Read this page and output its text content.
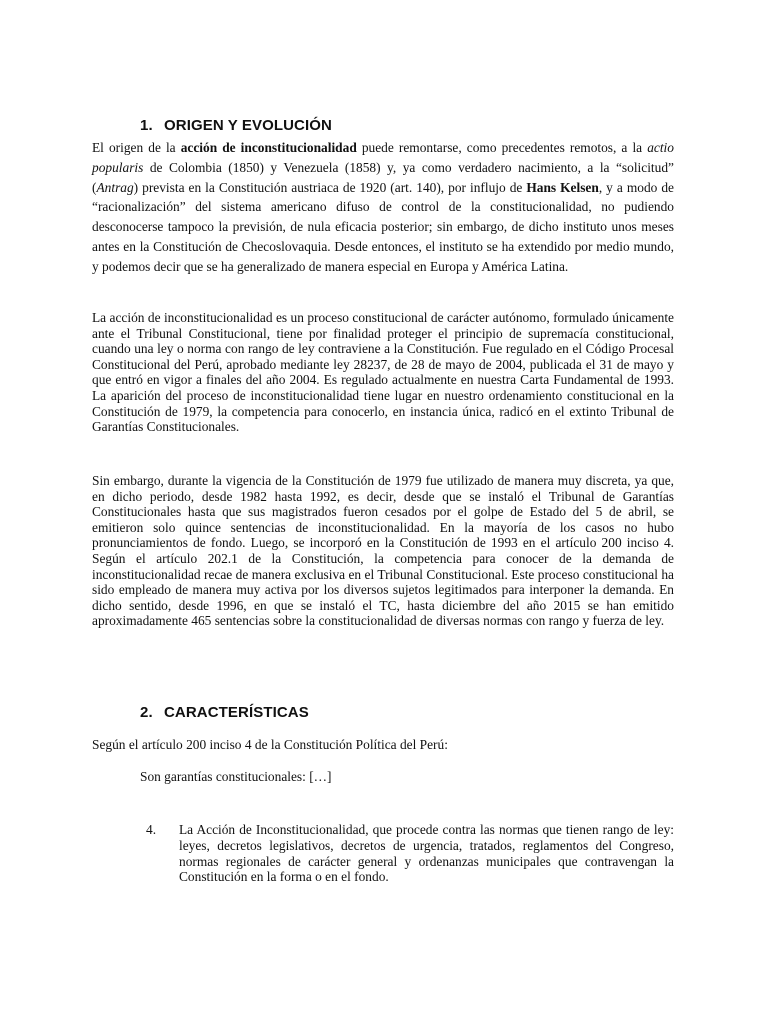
1. ORIGEN Y EVOLUCIÓN

El origen de la acción de inconstitucionalidad puede remontarse, como precedentes remotos, a la actio popularis de Colombia (1850) y Venezuela (1858) y, ya como verdadero nacimiento, a la “solicitud” (Antrag) prevista en la Constitución austriaca de 1920 (art. 140), por influjo de Hans Kelsen, y a modo de “racionalización” del sistema americano difuso de control de la constitucionalidad, no pudiendo desconocerse tampoco la previsión, de nula eficacia posterior; sin embargo, de dicho instituto unos meses antes en la Constitución de Checoslovaquia. Desde entonces, el instituto se ha extendido por medio mundo, y podemos decir que se ha generalizado de manera especial en Europa y América Latina.

La acción de inconstitucionalidad es un proceso constitucional de carácter autónomo, formulado únicamente ante el Tribunal Constitucional, tiene por finalidad proteger el principio de supremacía constitucional, cuando una ley o norma con rango de ley contraviene a la Constitución. Fue regulado en el Código Procesal Constitucional del Perú, aprobado mediante ley 28237, de 28 de mayo de 2004, publicada el 31 de mayo y que entró en vigor a finales del año 2004. Es regulado actualmente en nuestra Carta Fundamental de 1993. La aparición del proceso de inconstitucionalidad tiene lugar en nuestro ordenamiento constitucional en la Constitución de 1979, la competencia para conocerlo, en instancia única, radicó en el extinto Tribunal de Garantías Constitucionales.

Sin embargo, durante la vigencia de la Constitución de 1979 fue utilizado de manera muy discreta, ya que, en dicho periodo, desde 1982 hasta 1992, es decir, desde que se instaló el Tribunal de Garantías Constitucionales hasta que sus magistrados fueron cesados por el golpe de Estado del 5 de abril, se emitieron solo quince sentencias de inconstitucionalidad. En la mayoría de los casos no hubo pronunciamientos de fondo. Luego, se incorporó en la Constitución de 1993 en el artículo 200 inciso 4. Según el artículo 202.1 de la Constitución, la competencia para conocer de la demanda de inconstitucionalidad recae de manera exclusiva en el Tribunal Constitucional. Este proceso constitucional ha sido empleado de manera muy activa por los diversos sujetos legitimados para interponer la demanda. En dicho sentido, desde 1996, en que se instaló el TC, hasta diciembre del año 2015 se han emitido aproximadamente 465 sentencias sobre la constitucionalidad de diversas normas con rango y fuerza de ley.

2. CARACTERÍSTICAS

Según el artículo 200 inciso 4 de la Constitución Política del Perú:

Son garantías constitucionales: […]
4. La Acción de Inconstitucionalidad, que procede contra las normas que tienen rango de ley: leyes, decretos legislativos, decretos de urgencia, tratados, reglamentos del Congreso, normas regionales de carácter general y ordenanzas municipales que contravengan la Constitución en la forma o en el fondo.
